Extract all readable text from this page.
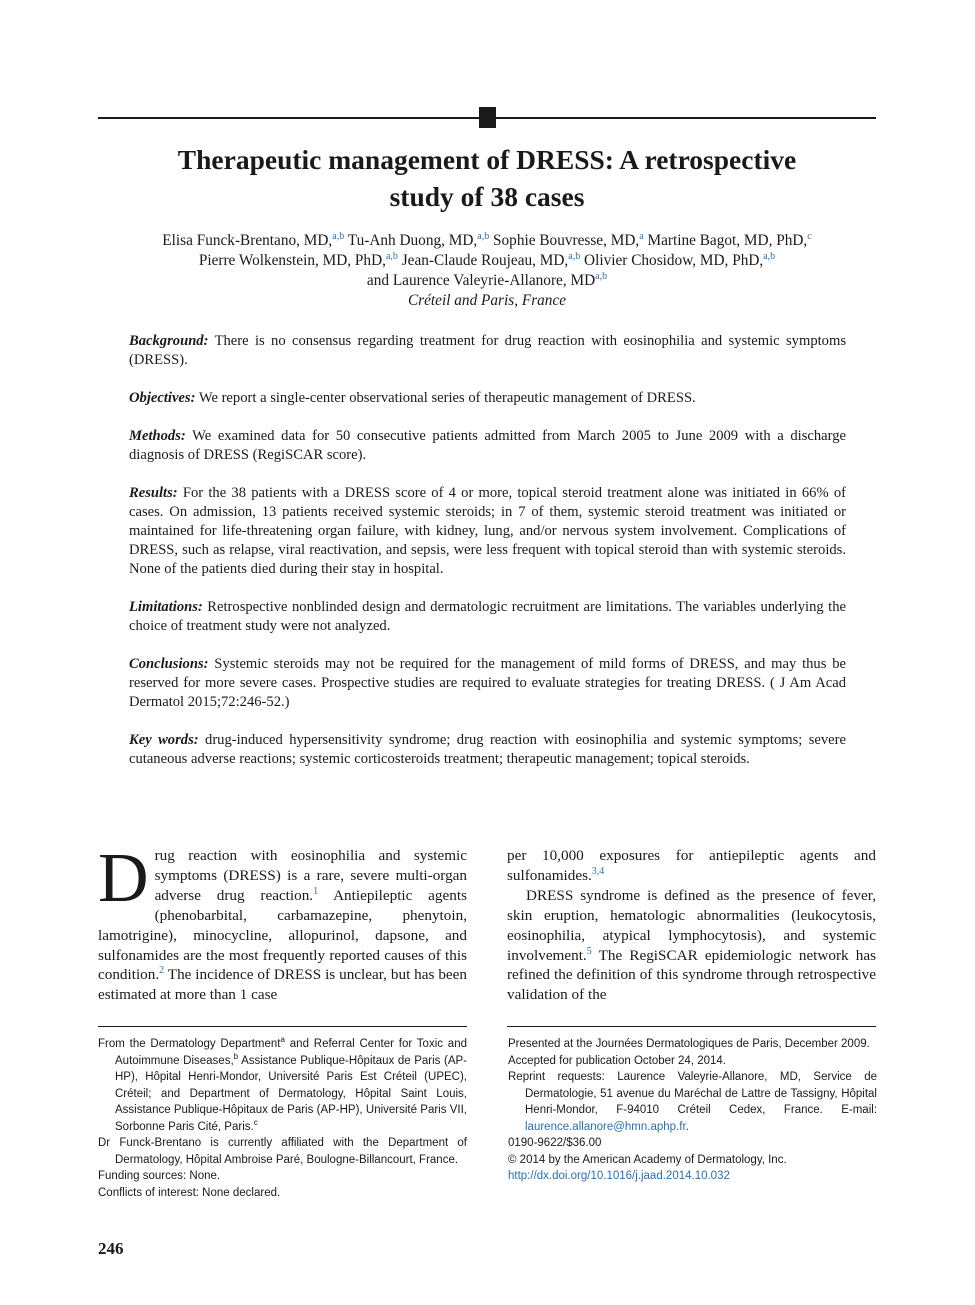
Therapeutic management of DRESS: A retrospective
study of 38 cases
Elisa Funck-Brentano, MD,$^{a,b}$ Tu-Anh Duong, MD,$^{a,b}$ Sophie Bouvresse, MD,$^a$ Martine Bagot, MD, PhD,$^c$
Pierre Wolkenstein, MD, PhD,$^{a,b}$ Jean-Claude Roujeau, MD,$^{a,b}$ Olivier Chosidow, MD, PhD,$^{a,b}$
and Laurence Valeyrie-Allanore, MD$^{a,b}$
Créteil and Paris, France

Background: There is no consensus regarding treatment for drug reaction with eosinophilia and systemic symptoms (DRESS).

Objectives: We report a single-center observational series of therapeutic management of DRESS.

Methods: We examined data for 50 consecutive patients admitted from March 2005 to June 2009 with a discharge diagnosis of DRESS (RegiSCAR score).

Results: For the 38 patients with a DRESS score of 4 or more, topical steroid treatment alone was initiated in 66% of cases. On admission, 13 patients received systemic steroids; in 7 of them, systemic steroid treatment was initiated or maintained for life-threatening organ failure, with kidney, lung, and/or nervous system involvement. Complications of DRESS, such as relapse, viral reactivation, and sepsis, were less frequent with topical steroid than with systemic steroids. None of the patients died during their stay in hospital.

Limitations: Retrospective nonblinded design and dermatologic recruitment are limitations. The variables underlying the choice of treatment study were not analyzed.

Conclusions: Systemic steroids may not be required for the management of mild forms of DRESS, and may thus be reserved for more severe cases. Prospective studies are required to evaluate strategies for treating DRESS. ( J Am Acad Dermatol 2015;72:246-52.)

Key words: drug-induced hypersensitivity syndrome; drug reaction with eosinophilia and systemic symptoms; severe cutaneous adverse reactions; systemic corticosteroids treatment; therapeutic management; topical steroids.

Drug reaction with eosinophilia and systemic symptoms (DRESS) is a rare, severe multi-organ adverse drug reaction.$^1$ Antiepileptic agents (phenobarbital, carbamazepine, phenytoin, lamotrigine), minocycline, allopurinol, dapsone, and sulfonamides are the most frequently reported causes of this condition.$^2$ The incidence of DRESS is unclear, but has been estimated at more than 1 case

per 10,000 exposures for antiepileptic agents and sulfonamides.$^{3,4}$

DRESS syndrome is defined as the presence of fever, skin eruption, hematologic abnormalities (leukocytosis, eosinophilia, atypical lymphocytosis), and systemic involvement.$^5$ The RegiSCAR epidemiologic network has refined the definition of this syndrome through retrospective validation of the

From the Dermatology Department$^a$ and Referral Center for Toxic and Autoimmune Diseases,$^b$ Assistance Publique-Hôpitaux de Paris (AP-HP), Hôpital Henri-Mondor, Université Paris Est Créteil (UPEC), Créteil; and Department of Dermatology, Hôpital Saint Louis, Assistance Publique-Hôpitaux de Paris (AP-HP), Université Paris VII, Sorbonne Paris Cité, Paris.$^c$

Dr Funck-Brentano is currently affiliated with the Department of Dermatology, Hôpital Ambroise Paré, Boulogne-Billancourt, France.

Funding sources: None.

Conflicts of interest: None declared.

Presented at the Journées Dermatologiques de Paris, December 2009.

Accepted for publication October 24, 2014.

Reprint requests: Laurence Valeyrie-Allanore, MD, Service de Dermatologie, 51 avenue du Maréchal de Lattre de Tassigny, Hôpital Henri-Mondor, F-94010 Créteil Cedex, France. E-mail: laurence.allanore@hmn.aphp.fr.

0190-9622/$36.00

© 2014 by the American Academy of Dermatology, Inc.

http://dx.doi.org/10.1016/j.jaad.2014.10.032

246
